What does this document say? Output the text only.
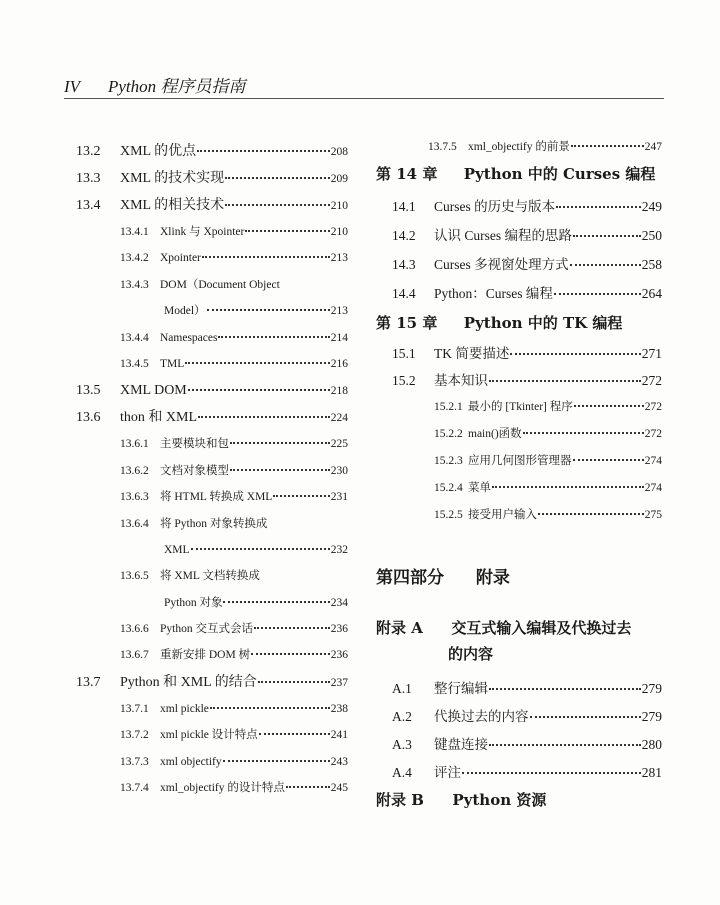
IV Python 程序员指南
13.2	XML 的优点	208
13.3	XML 的技术实现	209
13.4	XML 的相关技术	210
13.4.1 Xlink 与 Xpointer	210
13.4.2 Xpointer	213
13.4.3 DOM（Document Object
Model）	213
13.4.4 Namespaces	214
13.4.5 TML	216
13.5	XML DOM	218
13.6	thon 和 XML	224
13.6.1 主要模块和包	225
13.6.2 文档对象模型	230
13.6.3 将 HTML 转换成 XML	231
13.6.4 将 Python 对象转换成
XML	232
13.6.5 将 XML 文档转换成
Python 对象	234
13.6.6 Python 交互式会话	236
13.6.7 重新安排 DOM 树	236
13.7	Python 和 XML 的结合	237
13.7.1 xml pickle	238
13.7.2 xml pickle 设计特点	241
13.7.3 xml objectify	243
13.7.4 xml_objectify 的设计特点	245
13.7.5 xml_objectify 的前景	247
第 14 章 Python 中的 Curses 编程
14.1	Curses 的历史与版本	249
14.2	认识 Curses 编程的思路	250
14.3	Curses 多视窗处理方式	258
14.4	Python：Curses 编程	264
第 15 章 Python 中的 TK 编程
15.1	TK 简要描述	271
15.2	基本知识	272
15.2.1 最小的 [Tkinter] 程序	272
15.2.2 main()函数	272
15.2.3 应用几何图形管理器	274
15.2.4 菜单	274
15.2.5 接受用户输入	275
第四部分 附录
附录 A 交互式输入编辑及代换过去
的内容
A.1	整行编辑	279
A.2	代换过去的内容	279
A.3	键盘连接	280
A.4	评注	281
附录 B Python 资源
